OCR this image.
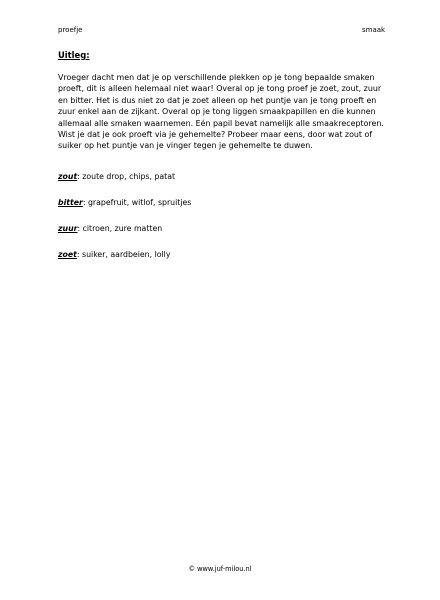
proefje	smaak
Uitleg:

Vroeger dacht men dat je op verschillende plekken op je tong bepaalde smaken proeft, dit is alleen helemaal niet waar! Overal op je tong proef je zoet, zout, zuur en bitter. Het is dus niet zo dat je zoet alleen op het puntje van je tong proeft en zuur enkel aan de zijkant. Overal op je tong liggen smaakpapillen en die kunnen allemaal alle smaken waarnemen. Eén papil bevat namelijk alle smaakreceptoren. Wist je dat je ook proeft via je gehemelte? Probeer maar eens, door wat zout of suiker op het puntje van je vinger tegen je gehemelte te duwen.

zout: zoute drop, chips, patat
bitter: grapefruit, witlof, spruitjes
zuur: citroen, zure matten
zoet: suiker, aardbeien, lolly
© www.juf-milou.nl
